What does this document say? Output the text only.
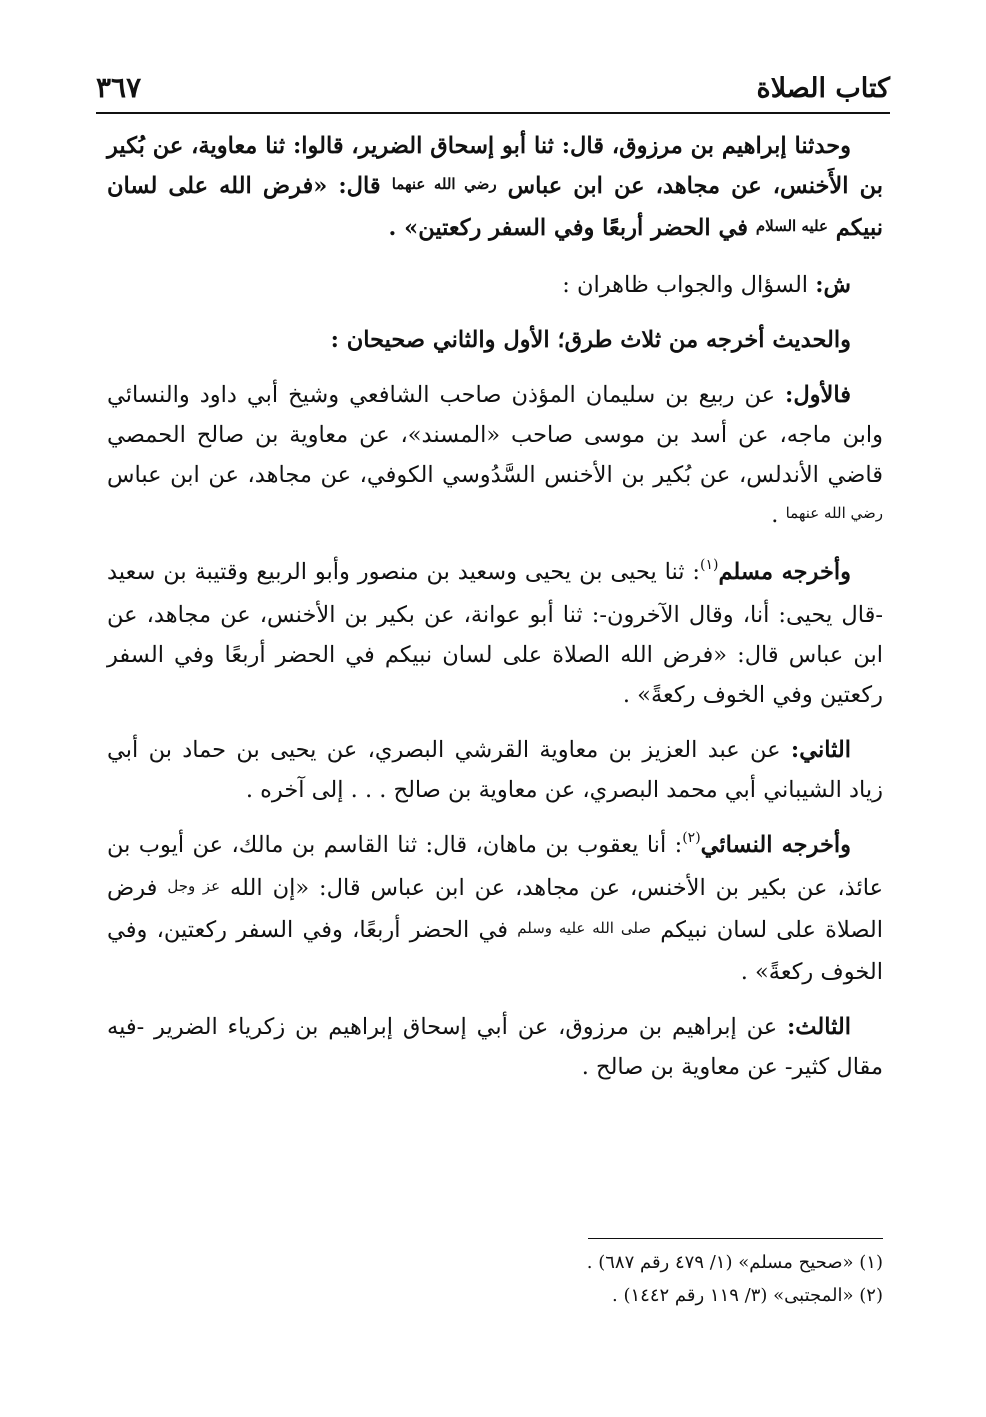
كتاب الصلاة
٣٦٧

وحدثنا إبراهيم بن مرزوق، قال: ثنا أبو إسحاق الضرير، قالوا: ثنا معاوية، عن بُكير بن الأَخنس، عن مجاهد، عن ابن عباس رضي الله عنهما قال: «فرض الله على لسان نبيكم عليه السلام في الحضر أربعًا وفي السفر ركعتين» .

ش: السؤال والجواب ظاهران :

والحديث أخرجه من ثلاث طرق؛ الأول والثاني صحيحان :

فالأول: عن ربيع بن سليمان المؤذن صاحب الشافعي وشيخ أبي داود والنسائي وابن ماجه، عن أسد بن موسى صاحب «المسند»، عن معاوية بن صالح الحمصي قاضي الأندلس، عن بُكير بن الأخنس السَّدُوسي الكوفي، عن مجاهد، عن ابن عباس رضي الله عنهما .

وأخرجه مسلم$^{(١)}$: ثنا يحيى بن يحيى وسعيد بن منصور وأبو الربيع وقتيبة بن سعيد -قال يحيى: أنا، وقال الآخرون-: ثنا أبو عوانة، عن بكير بن الأخنس، عن مجاهد، عن ابن عباس قال: «فرض الله الصلاة على لسان نبيكم في الحضر أربعًا وفي السفر ركعتين وفي الخوف ركعةً» .

الثاني: عن عبد العزيز بن معاوية القرشي البصري، عن يحيى بن حماد بن أبي زياد الشيباني أبي محمد البصري، عن معاوية بن صالح . . . إلى آخره .

وأخرجه النسائي$^{(٢)}$: أنا يعقوب بن ماهان، قال: ثنا القاسم بن مالك، عن أيوب بن عائذ، عن بكير بن الأخنس، عن مجاهد، عن ابن عباس قال: «إن الله عز وجل فرض الصلاة على لسان نبيكم صلى الله عليه وسلم في الحضر أربعًا، وفي السفر ركعتين، وفي الخوف ركعةً» .

الثالث: عن إبراهيم بن مرزوق، عن أبي إسحاق إبراهيم بن زكرياء الضرير -فيه مقال كثير- عن معاوية بن صالح .

(١) «صحيح مسلم» (١/ ٤٧٩ رقم ٦٨٧) .

(٢) «المجتبى» (٣/ ١١٩ رقم ١٤٤٢) .
